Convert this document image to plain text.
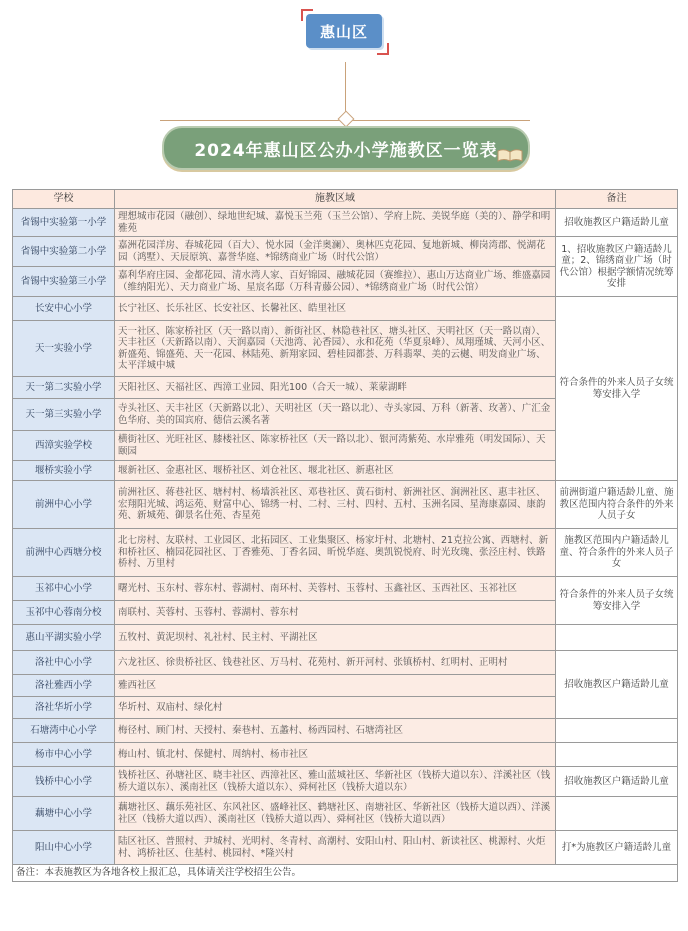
惠山区
2024年惠山区公办小学施教区一览表
学校	施教区域	备注
省锡中实验第一小学	理想城市花园（融创）、绿地世纪城、嘉悦玉兰苑（玉兰公馆）、学府上院、美锐华庭（美的）、静学和明雅苑	招收施教区户籍适龄儿童
省锡中实验第二小学	嘉洲花园洋房、春城花园（百大）、悦水园（金洋奥澜）、奥林匹克花园、复地新城、柳岗湾郡、悦湖花园（鸿墅）、天辰原筑、嘉誉华庭、*锦绣商业广场（时代公馆）	1、招收施教区户籍适龄儿童；2、锦绣商业广场（时代公馆）根据学额情况统筹安排
省锡中实验第三小学	嘉利华府庄园、金都花园、清水湾人家、百好锦园、融城花园（赛维拉）、惠山万达商业广场、维盛嘉园（维纳阳光）、天力商业广场、星宸名邸（万科青藤公园）、*锦绣商业广场（时代公馆）	
长安中心小学	长宁社区、长乐社区、长安社区、长馨社区、皓里社区	符合条件的外来人员子女统筹安排入学
天一实验小学	天一社区、陈家桥社区（天一路以南）、新街社区、林隐巷社区、塘头社区、天明社区（天一路以南）、天丰社区（天新路以南）、天润嘉园（天池湾、沁香园）、永和花苑（华夏泉峰）、凤翔瑾城、天河小区、新盛苑、锦盛苑、天一花园、林陆苑、新翔家园、碧桂园都荟、万科翡翠、美的云樾、明发商业广场、太平洋城中城	
天一第二实验小学	天阳社区、天福社区、西漳工业园、阳光100（合天一城）、莱蒙湖畔	
天一第三实验小学	寺头社区、天丰社区（天新路以北）、天明社区（天一路以北）、寺头家园、万科（新著、玫著）、广汇金色华府、美的国宾府、德信云溪名著	
西漳实验学校	横街社区、光旺社区、膝楼社区、陈家桥社区（天一路以北）、银河湾紫苑、水岸雅苑（明发国际）、天颐园	
堰桥实验小学	堰新社区、金惠社区、堰桥社区、刘仓社区、堰北社区、新惠社区	
前洲中心小学	前洲社区、蒋巷社区、塘村村、杨墙浜社区、邓巷社区、黄石街村、新洲社区、涧洲社区、惠丰社区、宏翔阳光城、鸿运苑、财富中心、锦绣一村、二村、三村、四村、五村、玉洲名园、星海康嘉园、康韵苑、新城苑、御景名仕苑、杏星苑	前洲街道户籍适龄儿童、施教区范围内符合条件的外来人员子女
前洲中心西塘分校	北七房村、友联村、工业园区、北拓园区、工业集聚区、杨家圩村、北塘村、21克拉公寓、西塘村、新和桥社区、楠园花园社区、丁香雅苑、丁香名园、昕悦华庭、奥凯锐悦府、时光玫瑰、张泾庄村、铁路桥村、万里村	施教区范围内户籍适龄儿童、符合条件的外来人员子女
玉祁中心小学	曙光村、玉东村、蓉东村、蓉湖村、南环村、芙蓉村、玉蓉村、玉鑫社区、玉西社区、玉祁社区	符合条件的外来人员子女统筹安排入学
玉祁中心蓉南分校	南联村、芙蓉村、玉蓉村、蓉湖村、蓉东村	
惠山平湖实验小学	五牧村、黄泥坝村、礼社村、民主村、平湖社区	
洛社中心小学	六龙社区、徐贵桥社区、钱巷社区、万马村、花苑村、新开河村、张镇桥村、红明村、正明村	招收施教区户籍适龄儿童
洛社雅西小学	雅西社区	
洛社华圻小学	华圻村、双庙村、绿化村	
石塘湾中心小学	梅径村、顾门村、天授村、秦巷村、五蠡村、杨西园村、石塘湾社区	
杨市中心小学	梅山村、镇北村、保健村、周纳村、杨市社区	
钱桥中心小学	钱桥社区、孙塘社区、晓丰社区、西漳社区、雅山蓝城社区、华新社区（钱桥大道以东）、洋溪社区（钱桥大道以东）、溪南社区（钱桥大道以东）、舜柯社区（钱桥大道以东）	招收施教区户籍适龄儿童
藕塘中心小学	藕塘社区、藕乐苑社区、东风社区、盛峰社区、鹤塘社区、南塘社区、华新社区（钱桥大道以西）、洋溪社区（钱桥大道以西）、溪南社区（钱桥大道以西）、舜柯社区（钱桥大道以西）	
阳山中心小学	陆区社区、普照村、尹城村、光明村、冬青村、高潮村、安阳山村、阳山村、新读社区、桃源村、火炬村、鸿桥社区、住基村、桃园村、*隆兴村	打*为施教区户籍适龄儿童
备注：本表施教区为各地各校上报汇总，具体请关注学校招生公告。		
